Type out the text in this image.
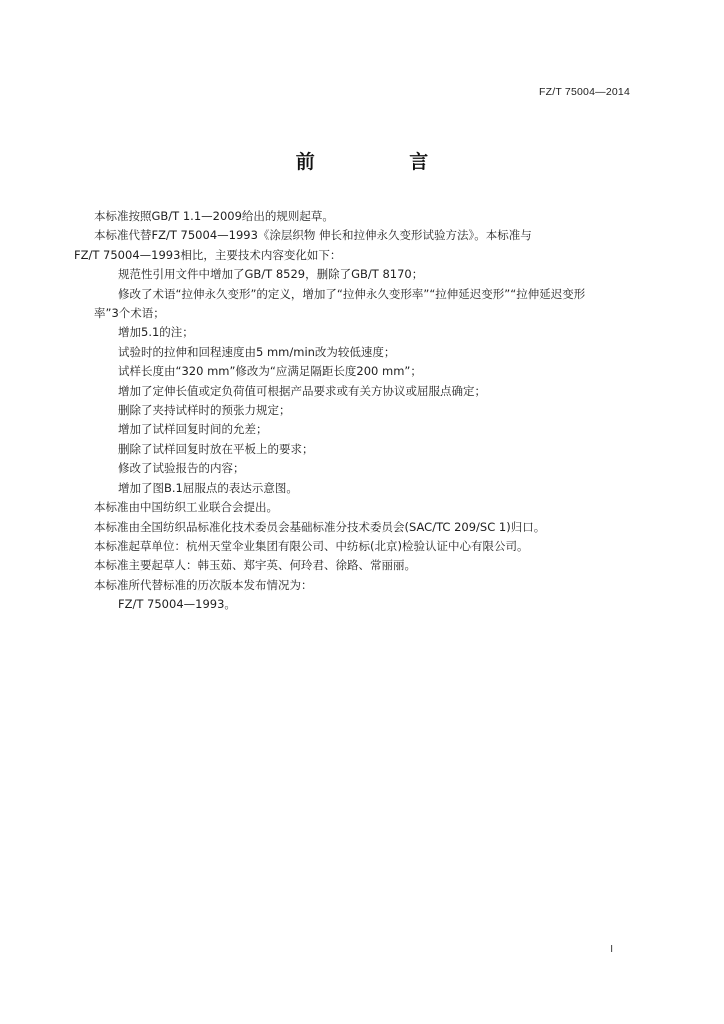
FZ/T 75004—2014
前 言

本标准按照GB/T 1.1—2009给出的规则起草。

本标准代替FZ/T 75004—1993《涂层织物 伸长和拉伸永久变形试验方法》。本标准与

FZ/T 75004—1993相比，主要技术内容变化如下：

规范性引用文件中增加了GB/T 8529，删除了GB/T 8170；

修改了术语“拉伸永久变形”的定义，增加了“拉伸永久变形率”“拉伸延迟变形”“拉伸延迟变形

率”3个术语；

增加5.1的注；

试验时的拉伸和回程速度由5 mm/min改为较低速度；

试样长度由“320 mm”修改为“应满足隔距长度200 mm”；

增加了定伸长值或定负荷值可根据产品要求或有关方协议或屈服点确定；

删除了夹持试样时的预张力规定；

增加了试样回复时间的允差；

删除了试样回复时放在平板上的要求；

修改了试验报告的内容；

增加了图B.1屈服点的表达示意图。

本标准由中国纺织工业联合会提出。

本标准由全国纺织品标准化技术委员会基础标准分技术委员会(SAC/TC 209/SC 1)归口。

本标准起草单位：杭州天堂伞业集团有限公司、中纺标(北京)检验认证中心有限公司。

本标准主要起草人：韩玉茹、郑宇英、何玲君、徐路、常丽丽。

本标准所代替标准的历次版本发布情况为：

FZ/T 75004—1993。

I
